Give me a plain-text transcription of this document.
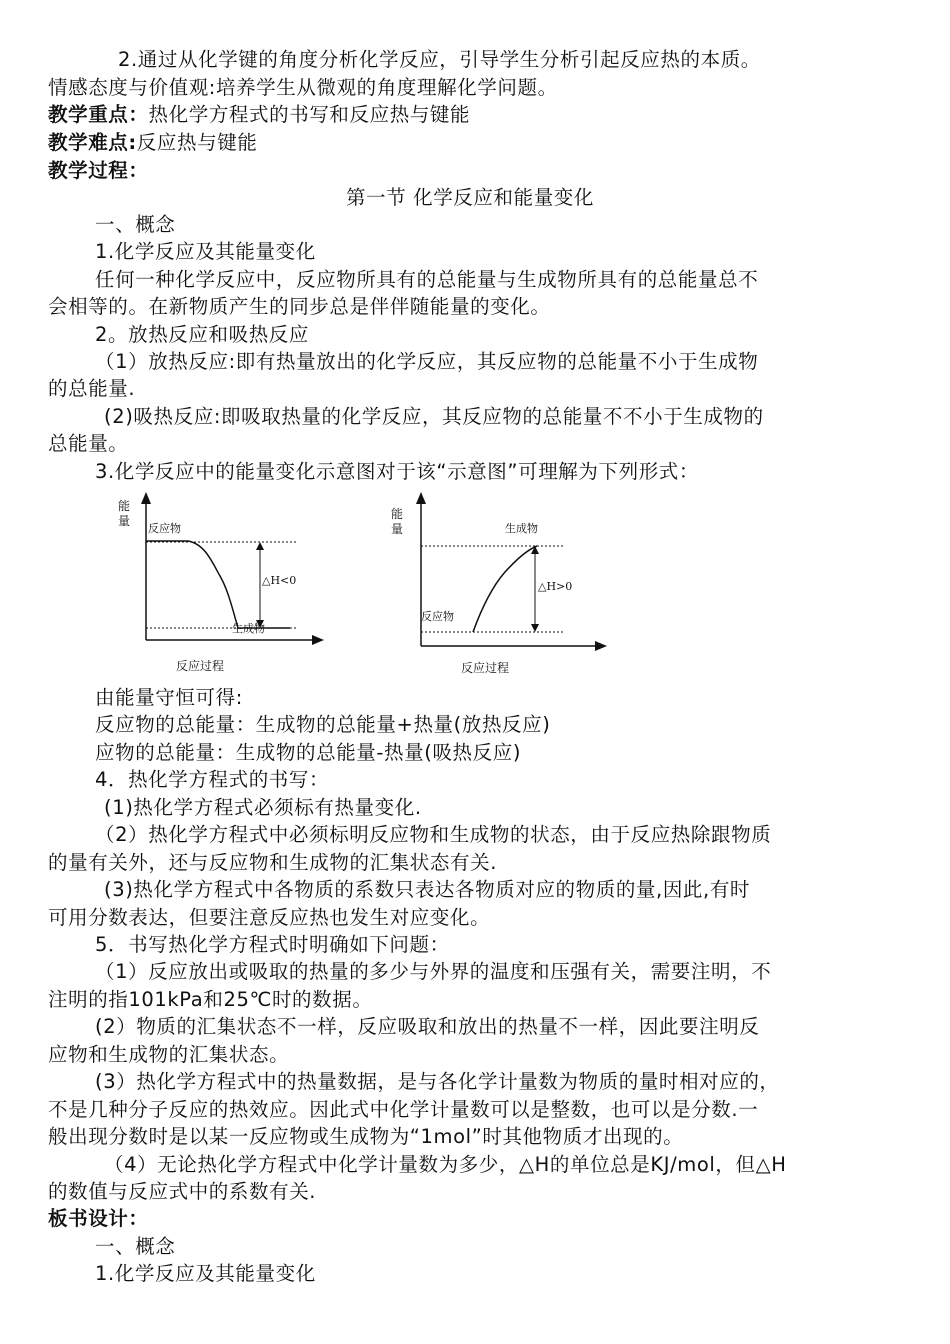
2.通过从化学键的角度分析化学反应，引导学生分析引起反应热的本质。
情感态度与价值观:培养学生从微观的角度理解化学问题。
教学重点：热化学方程式的书写和反应热与键能
教学难点:反应热与键能
教学过程：
第一节 化学反应和能量变化
一、概念
1.化学反应及其能量变化
任何一种化学反应中，反应物所具有的总能量与生成物所具有的总能量总不
会相等的。在新物质产生的同步总是伴伴随能量的变化。
2。放热反应和吸热反应
（1）放热反应:即有热量放出的化学反应，其反应物的总能量不小于生成物
的总能量.
(2)吸热反应:即吸取热量的化学反应，其反应物的总能量不不小于生成物的
总能量。
3.化学反应中的能量变化示意图对于该“示意图”可理解为下列形式：
能
量
反应物
生成物
△H<0
反应过程
能
量	生成物
反应物
△H>0
反应过程
由能量守恒可得:
反应物的总能量：生成物的总能量+热量(放热反应)
应物的总能量：生成物的总能量-热量(吸热反应)
4．热化学方程式的书写：
(1)热化学方程式必须标有热量变化.
（2）热化学方程式中必须标明反应物和生成物的状态，由于反应热除跟物质
的量有关外，还与反应物和生成物的汇集状态有关.
(3)热化学方程式中各物质的系数只表达各物质对应的物质的量,因此,有时
可用分数表达，但要注意反应热也发生对应变化。
5．书写热化学方程式时明确如下问题：
（1）反应放出或吸取的热量的多少与外界的温度和压强有关，需要注明，不
注明的指101kPa和25℃时的数据。
(2）物质的汇集状态不一样，反应吸取和放出的热量不一样，因此要注明反
应物和生成物的汇集状态。
(3）热化学方程式中的热量数据，是与各化学计量数为物质的量时相对应的，
不是几种分子反应的热效应。因此式中化学计量数可以是整数，也可以是分数.一
般出现分数时是以某一反应物或生成物为“1mol”时其他物质才出现的。
（4）无论热化学方程式中化学计量数为多少，△H的单位总是KJ/mol，但△H
的数值与反应式中的系数有关.
板书设计：
一、概念
1.化学反应及其能量变化
